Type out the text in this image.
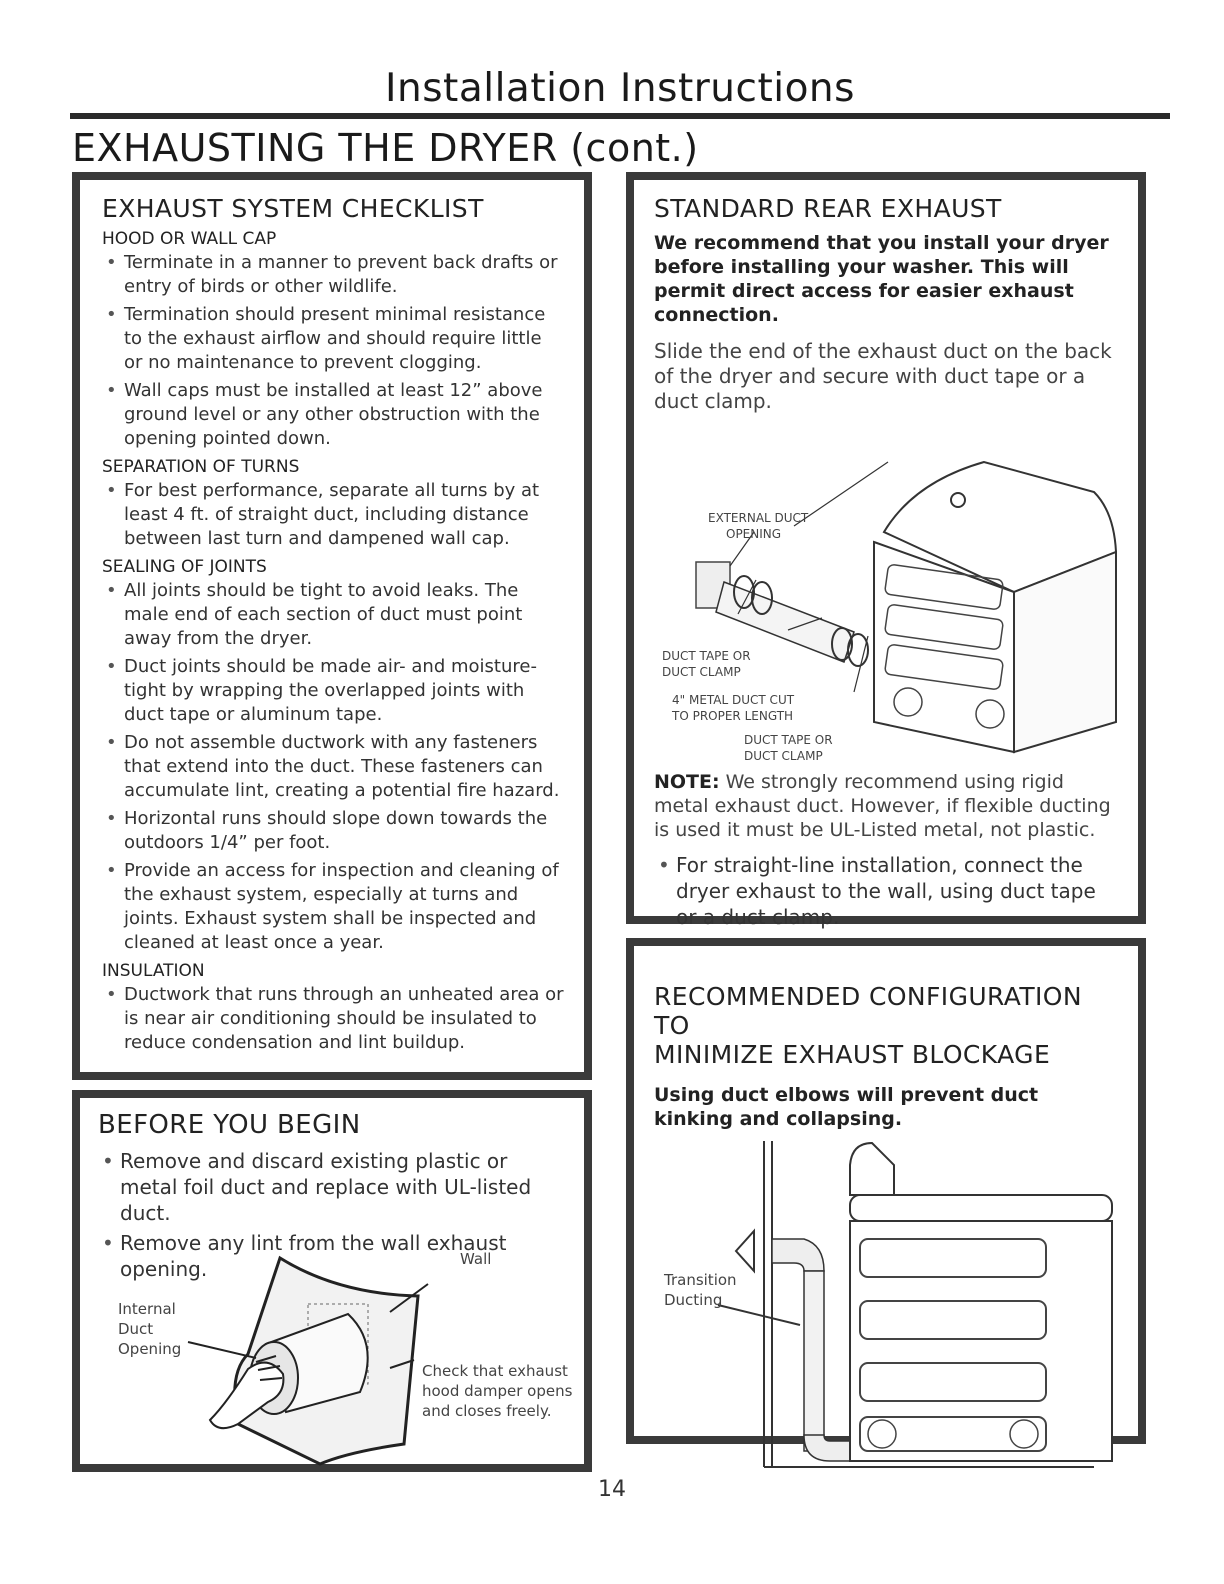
Installation Instructions
EXHAUSTING THE DRYER (cont.)
EXHAUST SYSTEM CHECKLIST
HOOD OR WALL CAP
• Terminate in a manner to prevent back drafts or entry of birds or other wildlife.
• Termination should present minimal resistance to the exhaust airflow and should require little or no maintenance to prevent clogging.
• Wall caps must be installed at least 12” above ground level or any other obstruction with the opening pointed down.
SEPARATION OF TURNS
• For best performance, separate all turns by at least 4 ft. of straight duct, including distance between last turn and dampened wall cap.
SEALING OF JOINTS
• All joints should be tight to avoid leaks. The male end of each section of duct must point away from the dryer.
• Duct joints should be made air- and moisture-tight by wrapping the overlapped joints with duct tape or aluminum tape.
• Do not assemble ductwork with any fasteners that extend into the duct. These fasteners can accumulate lint, creating a potential fire hazard.
• Horizontal runs should slope down towards the outdoors 1/4” per foot.
• Provide an access for inspection and cleaning of the exhaust system, especially at turns and joints. Exhaust system shall be inspected and cleaned at least once a year.
INSULATION
• Ductwork that runs through an unheated area or is near air conditioning should be insulated to reduce condensation and lint buildup.
BEFORE YOU BEGIN
• Remove and discard existing plastic or metal foil duct and replace with UL-listed duct.
• Remove any lint from the wall exhaust opening.	Wall
Internal
Duct
Opening
Check that exhaust
hood damper opens
and closes freely.
STANDARD REAR EXHAUST

We recommend that you install your dryer before installing your washer. This will permit direct access for easier exhaust connection.

Slide the end of the exhaust duct on the back of the dryer and secure with duct tape or a duct clamp.

EXTERNAL DUCT
OPENING
DUCT TAPE OR
DUCT CLAMP
4" METAL DUCT CUT
TO PROPER LENGTH
DUCT TAPE OR
DUCT CLAMP

NOTE: We strongly recommend using rigid metal exhaust duct. However, if flexible ducting is used it must be UL-Listed metal, not plastic.

• For straight-line installation, connect the dryer exhaust to the wall, using duct tape or a duct clamp.
RECOMMENDED CONFIGURATION TO
MINIMIZE EXHAUST BLOCKAGE

Using duct elbows will prevent duct kinking and collapsing.

Transition
Ducting
14
